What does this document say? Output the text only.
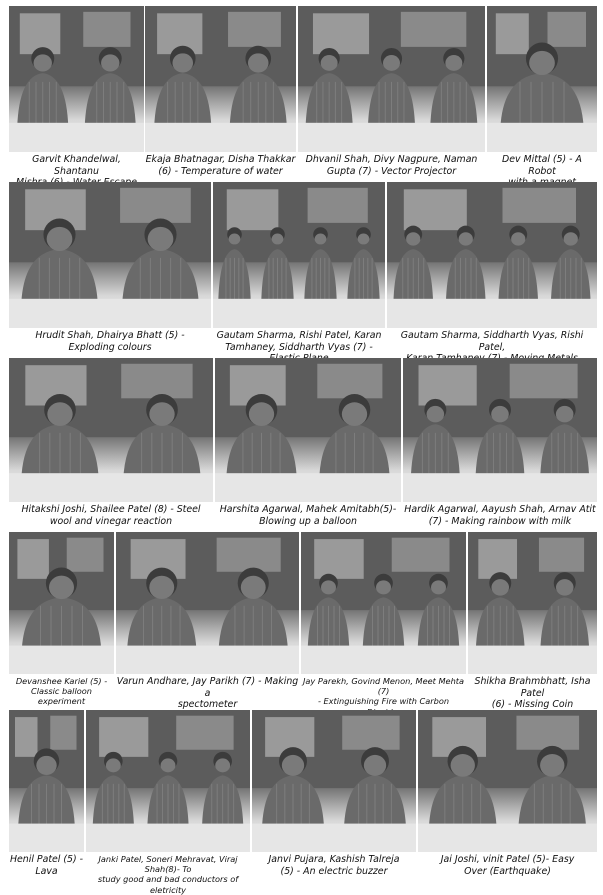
Garvit Khandelwal, Shantanu

Ekaja Bhatnagar, Disha Thakkar
(6) - Temperature of water
Dhvanil Shah, Divy Nagpure, Naman
Gupta (7) - Vector Projector
Dev Mittal (5) - A Robot

Hrudit Shah, Dhairya Bhatt (5) -
Exploding colours
Gautam Sharma, Rishi Patel, Karan
Tamhaney, Siddharth Vyas (7) -
Gautam Sharma, Siddharth Vyas, Rishi Patel,

Hitakshi Joshi, Shailee Patel (8) - Steel
wool and vinegar reaction
Harshita Agarwal, Mahek Amitabh(5)-
Blowing up a balloon
Hardik Agarwal, Aayush Shah, Arnav Atit
(7) - Making rainbow with milk
Devanshee Kariel (5) -
Classic balloon experiment
Varun Andhare, Jay Parikh (7) - Making a
spectometer
Jay Parekh, Govind Menon, Meet Mehta (7)
- Extinguishing Fire with Carbon

Shikha Brahmbhatt, Isha Patel
(6) - Missing Coin
Henil Patel (5) -
Lava
Janki Patel, Soneri Mehravat, Viraj Shah(8)- To
study good and bad conductors of eletricity
Janvi Pujara, Kashish Talreja
(5) - An electric buzzer
Jai Joshi, vinit Patel (5)- Easy
Over (Earthquake)
